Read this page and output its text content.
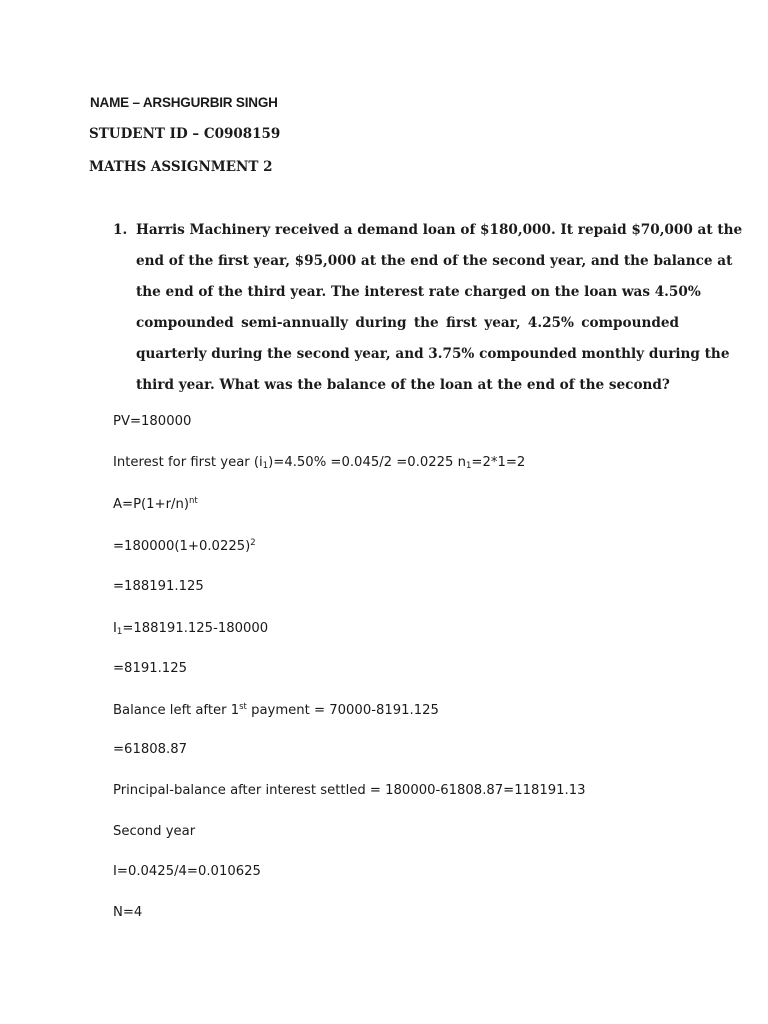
NAME – ARSHGURBIR SINGH
STUDENT ID – C0908159
MATHS ASSIGNMENT 2
1. Harris Machinery received a demand loan of $180,000. It repaid $70,000 at the
end of the first year, $95,000 at the end of the second year, and the balance at
the end of the third year. The interest rate charged on the loan was 4.50%
compounded semi-annually during the first year, 4.25% compounded
quarterly during the second year, and 3.75% compounded monthly during the
third year. What was the balance of the loan at the end of the second?
PV=180000
Interest for first year $(i_1)=4.50\% =0.045/2 =0.0225$ $n_1=2*1=2$
$A=P(1+r/n)^{nt}$
$=180000(1+0.0225)^2$
=188191.125
$I_1=188191.125-180000$
=8191.125
Balance left after 1st payment = 70000-8191.125
=61808.87
Principal-balance after interest settled = 180000-61808.87=118191.13
Second year
I=0.0425/4=0.010625
N=4
